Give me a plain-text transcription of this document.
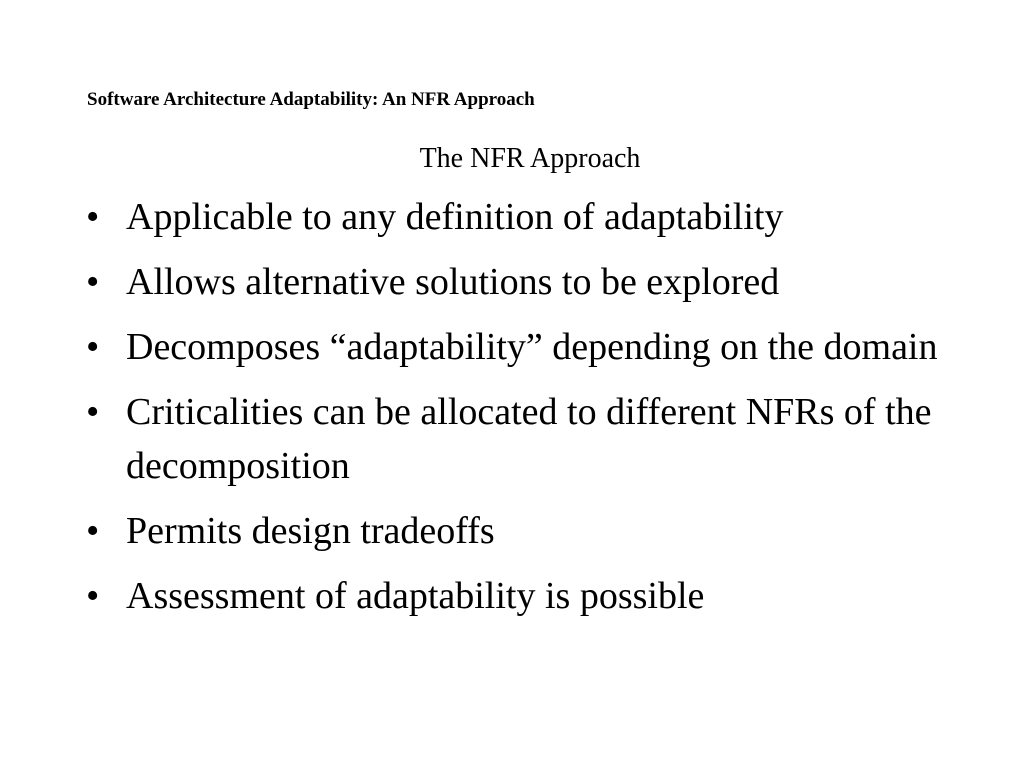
Software Architecture Adaptability: An NFR Approach
The NFR Approach
• Applicable to any definition of adaptability
• Allows alternative solutions to be explored
• Decomposes “adaptability” depending on the domain
• Criticalities can be allocated to different NFRs of the decomposition
• Permits design tradeoffs
• Assessment of adaptability is possible
